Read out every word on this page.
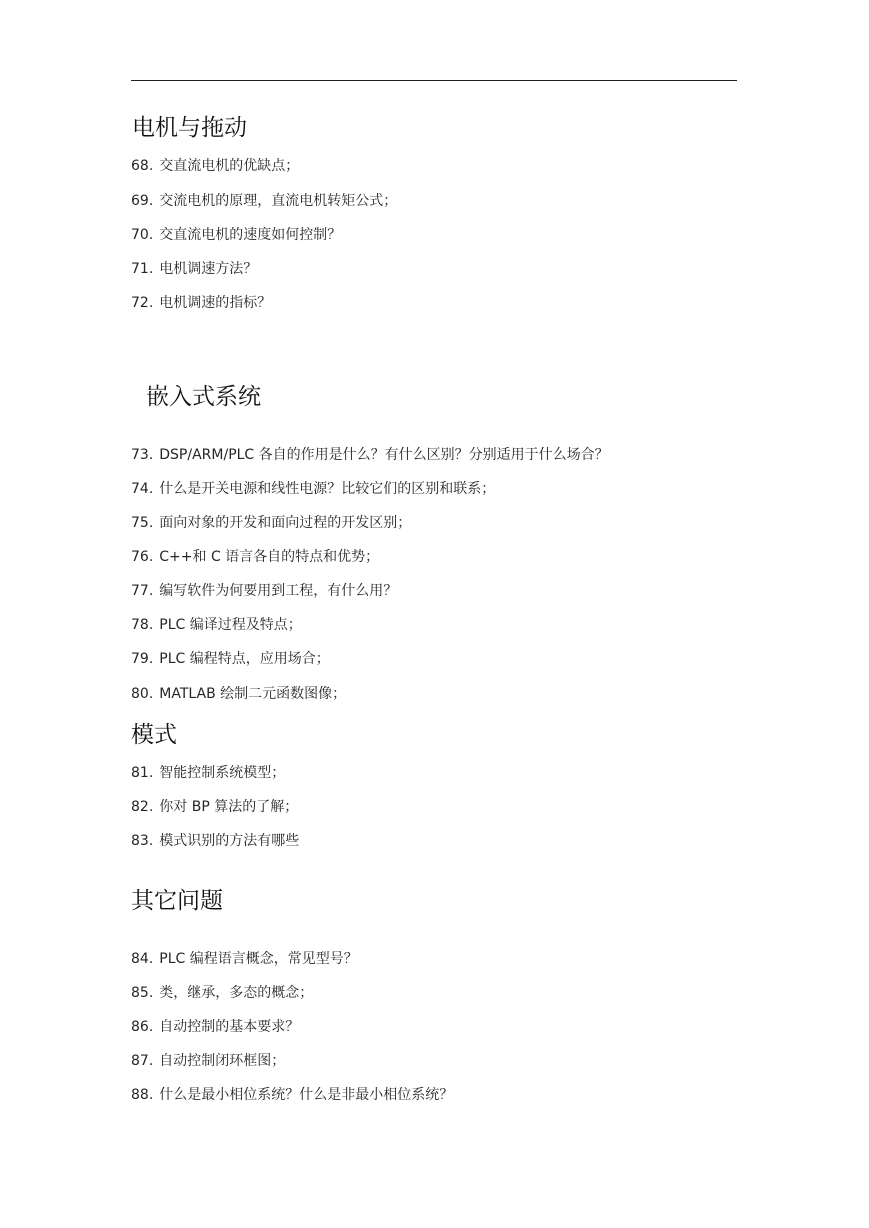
电机与拖动

68. 交直流电机的优缺点；

69. 交流电机的原理，直流电机转矩公式；

70. 交直流电机的速度如何控制？

71. 电机调速方法？

72. 电机调速的指标？

嵌入式系统

73. DSP/ARM/PLC 各自的作用是什么？有什么区别？分别适用于什么场合？

74. 什么是开关电源和线性电源？比较它们的区别和联系；

75. 面向对象的开发和面向过程的开发区别；

76. C++和 C 语言各自的特点和优势；

77. 编写软件为何要用到工程，有什么用？

78. PLC 编译过程及特点；

79. PLC 编程特点，应用场合；

80. MATLAB 绘制二元函数图像；

模式

81. 智能控制系统模型；

82. 你对 BP 算法的了解；

83. 模式识别的方法有哪些

其它问题

84. PLC 编程语言概念，常见型号？

85. 类，继承，多态的概念；

86. 自动控制的基本要求？

87. 自动控制闭环框图；

88. 什么是最小相位系统？什么是非最小相位系统？
